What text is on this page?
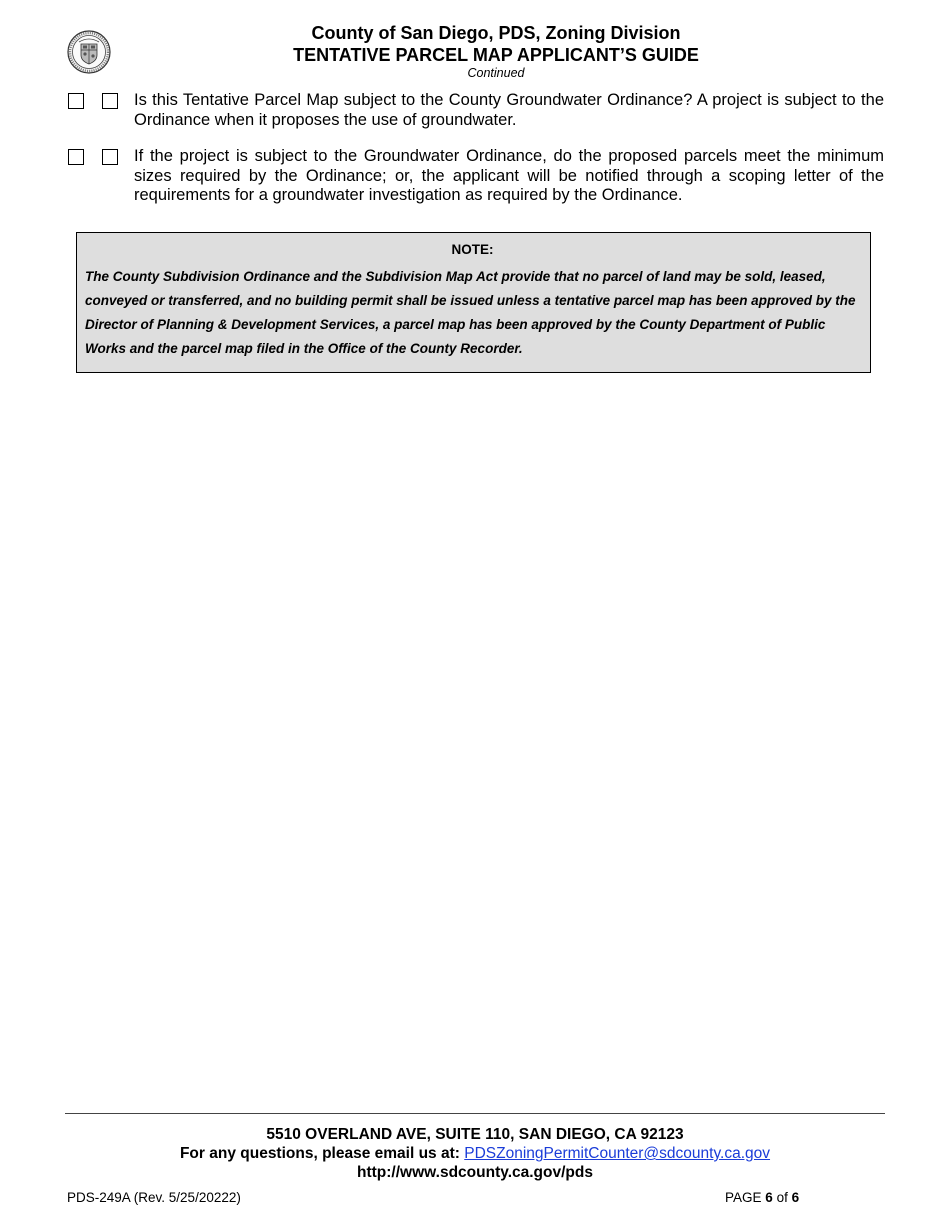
County of San Diego, PDS, Zoning Division
TENTATIVE PARCEL MAP APPLICANT’S GUIDE
Continued
Is this Tentative Parcel Map subject to the County Groundwater Ordinance? A project is subject to the Ordinance when it proposes the use of groundwater.
If the project is subject to the Groundwater Ordinance, do the proposed parcels meet the minimum sizes required by the Ordinance; or, the applicant will be notified through a scoping letter of the requirements for a groundwater investigation as required by the Ordinance.
NOTE:
The County Subdivision Ordinance and the Subdivision Map Act provide that no parcel of land may be sold, leased, conveyed or transferred, and no building permit shall be issued unless a tentative parcel map has been approved by the Director of Planning & Development Services, a parcel map has been approved by the County Department of Public Works and the parcel map filed in the Office of the County Recorder.
5510 OVERLAND AVE, SUITE 110, SAN DIEGO, CA 92123
For any questions, please email us at: PDSZoningPermitCounter@sdcounty.ca.gov
http://www.sdcounty.ca.gov/pds
PDS-249A (Rev. 5/25/20222)	PAGE 6 of 6
